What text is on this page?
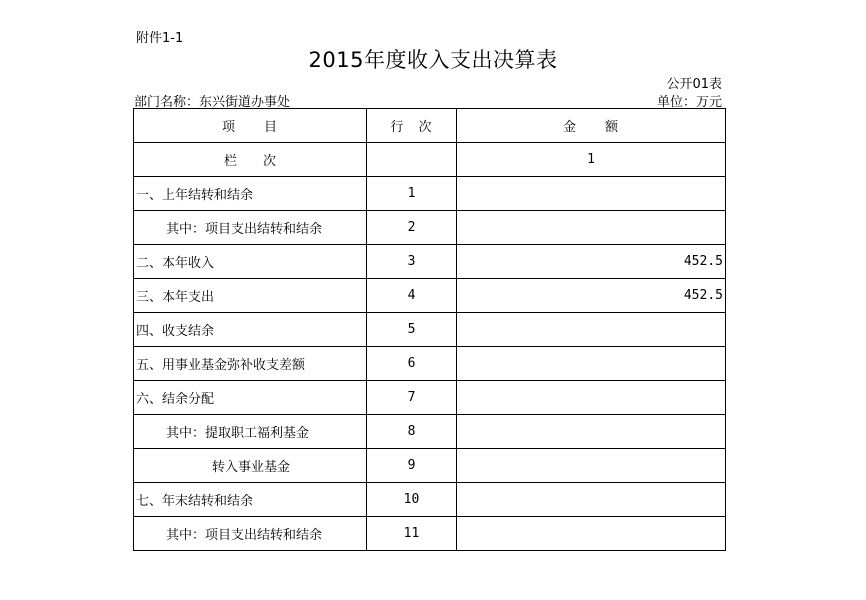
附件1-1
2015年度收入支出决算表
公开01表
部门名称：东兴街道办事处	单位：万元
项　　目	行　次	金　　额
栏　　次		1
一、上年结转和结余	1	
其中：项目支出结转和结余	2	
二、本年收入	3	452.5
三、本年支出	4	452.5
四、收支结余	5	
五、用事业基金弥补收支差额	6	
六、结余分配	7	
其中：提取职工福利基金	8	
转入事业基金	9	
七、年末结转和结余	10	
其中：项目支出结转和结余	11	
